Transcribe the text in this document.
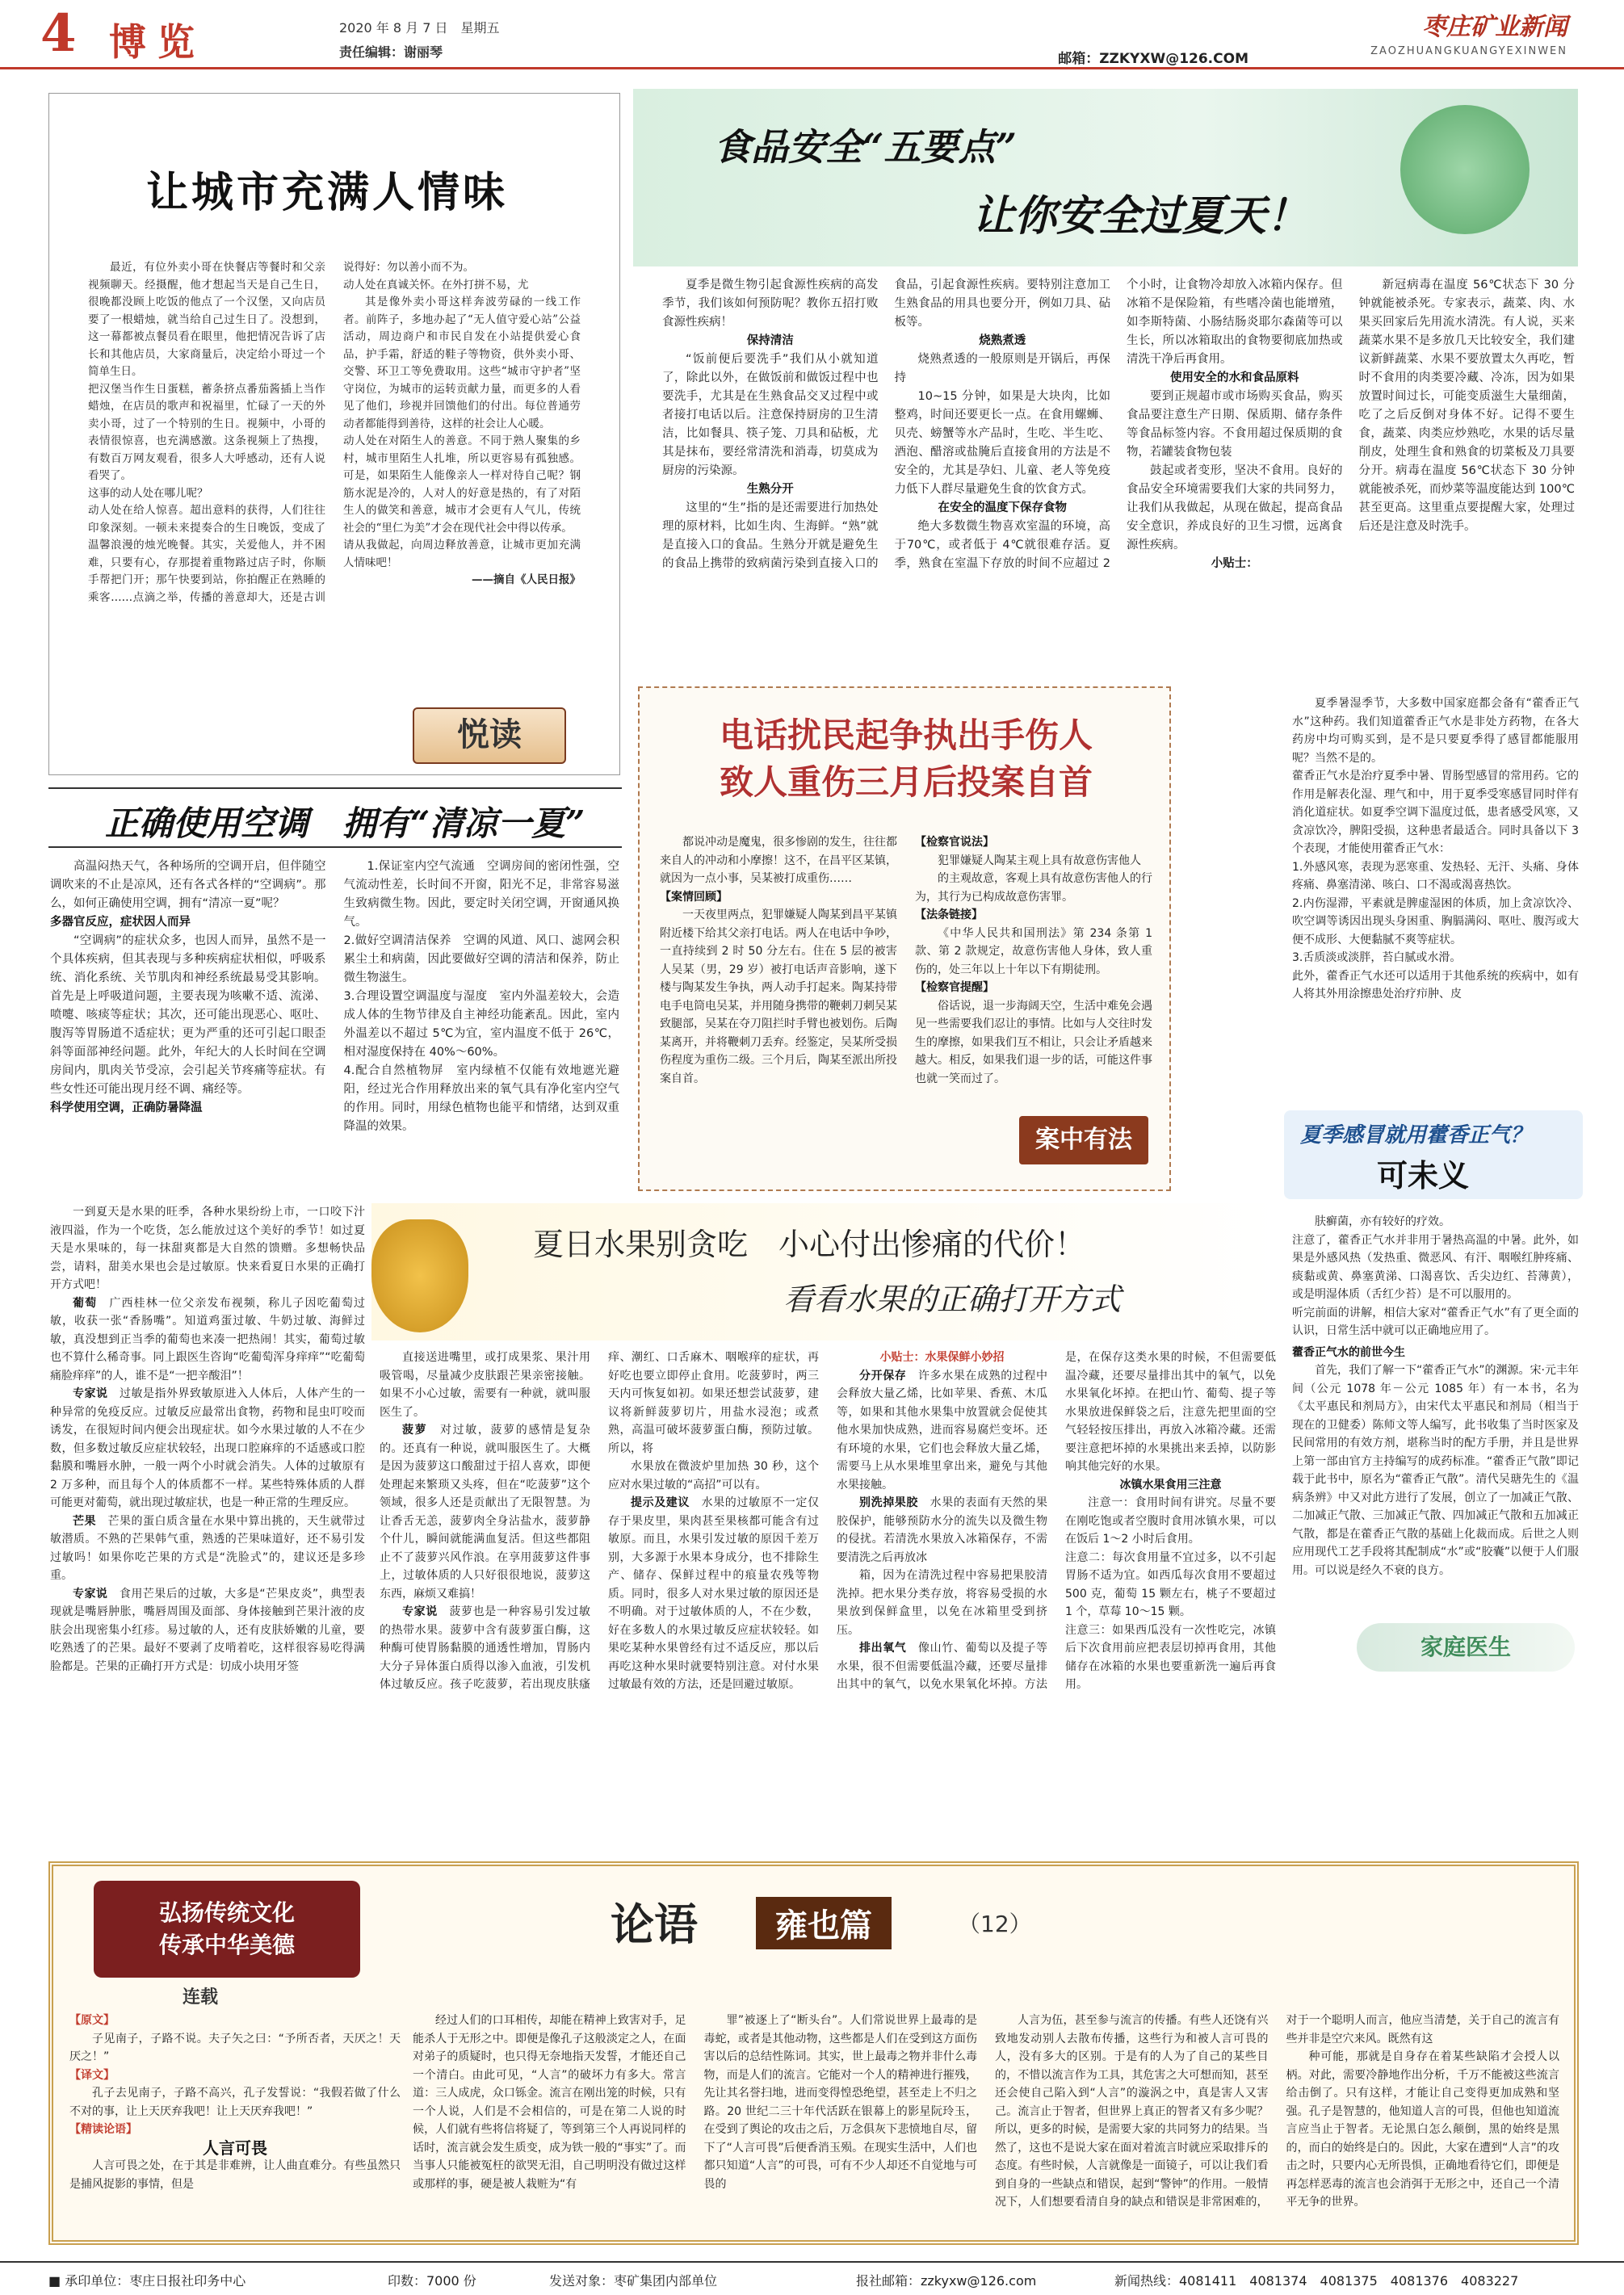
4 博览	2020 年 8 月 7 日　星期五
责任编辑：谢丽琴	邮箱：ZZKYXW@126.COM
枣庄矿业新闻
ZAOZHUANGKUANGYEXINWEN
让城市充满人情味
最近，有位外卖小哥在快餐店等餐时和父亲视频聊天。经摄醒，他才想起当天是自己生日，很晚都没顾上吃饭的他点了一个汉堡，又向店员要了一根蜡烛，就当给自己过生日了。没想到，这一幕都被点餐员看在眼里，他把情况告诉了店长和其他店员，大家商量后，决定给小哥过一个简单生日。
把汉堡当作生日蛋糕，蓄条挤点番茄酱插上当作蜡烛，在店员的歌声和祝福里，忙碌了一天的外卖小哥，过了一个特别的生日。视频中，小哥的表情很惊喜，也充满感激。这条视频上了热搜，有数百万网友观看，很多人大呼感动，还有人说看哭了。
这事的动人处在哪儿呢？
动人处在给人惊喜。超出意料的获得，人们往往印象深刻。一顿未来提奏合的生日晚饭，变成了温馨浪漫的烛光晚餐。其实，关爱他人，并不困难，只要有心，存那提着重物路过店子时，你顺手帮把门开；那午快要到站，你拍醒正在熟睡的乘客……点滴之举，传播的善意却大，还是古训说得好：勿以善小而不为。
动人处在真诚关怀。在外打拼不易，尤
其是像外卖小哥这样奔波劳碌的一线工作者。前阵子，多地办起了“无人值守爱心站”公益活动，周边商户和市民自发在小站提供爱心食品，护手霜，舒适的鞋子等物资，供外卖小哥、交警、环卫工等免费取用。这些“城市守护者”坚守岗位，为城市的运转贡献力量，而更多的人看见了他们，珍视并回馈他们的付出。每位普通劳动者都能得到善待，这样的社会让人心暖。
动人处在对陌生人的善意。不同于熟人聚集的乡村，城市里陌生人扎堆，所以更容易有孤独感。可是，如果陌生人能像亲人一样对待自己呢？钢筋水泥是冷的，人对人的好意是热的，有了对陌生人的做笑和善意，城市才会更有人气儿，传统社会的“里仁为美”才会在现代社会中得以传承。
请从我做起，向周边释放善意，让城市更加充满人情味吧！
——摘自《人民日报》
悦读
食品安全“五要点”
让你安全过夏天！

夏季是微生物引起食源性疾病的高发季节，我们该如何预防呢？教你五招打败食源性疾病！

保持清洁

“饭前便后要洗手”我们从小就知道了，除此以外，在做饭前和做饭过程中也要洗手，尤其是在生熟食品交叉过程中或者接打电话以后。注意保持厨房的卫生清洁，比如餐具、筷子笼、刀具和砧板，尤其是抹布，要经常清洗和消毒，切莫成为厨房的污染源。

生熟分开

这里的“生”指的是还需要进行加热处理的原材料，比如生肉、生海鲜。“熟”就是直接入口的食品。生熟分开就是避免生的食品上携带的致病菌污染到直接入口的食品，引起食源性疾病。要特别注意加工生熟食品的用具也要分开，例如刀具、砧板等。

烧熟煮透

烧熟煮透的一般原则是开锅后，再保持

10~15 分钟，如果是大块肉，比如整鸡，时间还要更长一点。在食用螺蛳、贝壳、螃蟹等水产品时，生吃、半生吃、酒泡、醋溶或盐腌后直接食用的方法是不安全的，尤其是孕妇、儿童、老人等免疫力低下人群尽量避免生食的饮食方式。

在安全的温度下保存食物

绝大多数微生物喜欢室温的环境，高于70℃，或者低于 4℃就很难存活。夏季，熟食在室温下存放的时间不应超过 2 个小时，让食物冷却放入冰箱内保存。但冰箱不是保险箱，有些嗜冷菌也能增殖，如李斯特菌、小肠结肠炎耶尔森菌等可以生长，所以冰箱取出的食物要彻底加热或清洗干净后再食用。

使用安全的水和食品原料

要到正规超市或市场购买食品，购买食品要注意生产日期、保质期、储存条件等食品标签内容。不食用超过保质期的食物，若罐装食物包装

鼓起或者变形，坚决不食用。良好的食品安全环境需要我们大家的共同努力，让我们从我做起，从现在做起，提高食品安全意识，养成良好的卫生习惯，远离食源性疾病。

小贴士：

新冠病毒在温度 56℃状态下 30 分钟就能被杀死。专家表示，蔬菜、肉、水果买回家后先用流水清洗。有人说，买来蔬菜水果不是多放几天比较安全，我们建议新鲜蔬菜、水果不要放置太久再吃，暂时不食用的肉类要冷藏、冷冻，因为如果放置时间过长，可能变质滋生大量细菌，吃了之后反倒对身体不好。记得不要生食，蔬菜、肉类应炒熟吃，水果的话尽量削皮，处理生食和熟食的切菜板及刀具要分开。病毒在温度 56℃状态下 30 分钟就能被杀死，而炒菜等温度能达到 100℃甚至更高。这里重点要提醒大家，处理过后还是注意及时洗手。

正确使用空调　拥有“清凉一夏”

高温闷热天气，各种场所的空调开启，但伴随空调吹来的不止是凉风，还有各式各样的“空调病”。那么，如何正确使用空调，拥有“清凉一夏”呢？

多器官反应，症状因人而异

“空调病”的症状众多，也因人而异，虽然不是一个具体疾病，但其表现与多种疾病症状相似，呼吸系统、消化系统、关节肌肉和神经系统最易受其影响。首先是上呼吸道问题，主要表现为咳嗽不适、流涕、喷嚏、咳痰等症状；其次，还可能出现恶心、呕吐、腹泻等胃肠道不适症状；更为严重的还可引起口眼歪斜等面部神经问题。此外，年纪大的人长时间在空调房间内，肌肉关节受凉，会引起关节疼痛等症状。有些女性还可能出现月经不调、痛经等。

科学使用空调，正确防暑降温
1.保证室内空气流通　空调房间的密闭性强，空气流动性差，长时间不开窗，阳光不足，非常容易滋生致病微生物。因此，要定时关闭空调，开窗通风换气。
2.做好空调清洁保养　空调的风道、风口、滤网会积累尘土和病菌，因此要做好空调的清洁和保养，防止微生物滋生。
3.合理设置空调温度与湿度　室内外温差较大，会造成人体的生物节律及自主神经功能紊乱。因此，室内外温差以不超过 5℃为宜，室内温度不低于 26℃，相对湿度保持在 40%～60%。
4.配合自然植物屏　室内绿植不仅能有效地遮光避阳，经过光合作用释放出来的氧气具有净化室内空气的作用。同时，用绿色植物也能平和情绪，达到双重降温的效果。
电话扰民起争执出手伤人
致人重伤三月后投案自首

都说冲动是魔鬼，很多惨剧的发生，往往都来自人的冲动和小摩擦！这不，在昌平区某镇，就因为一点小事，吴某被打成重伤……

【案情回顾】

一天夜里两点，犯罪嫌疑人陶某到昌平某镇附近楼下给其父亲打电话。两人在电话中争吵，一直持续到 2 时 50 分左右。住在 5 层的被害人吴某（男，29 岁）被打电话声音影响，遂下楼与陶某发生争执，两人动手打起来。陶某持带电手电筒电吴某，并用随身携带的鞭刺刀刺吴某致腿部，吴某在夺刀阻拦时手臂也被划伤。后陶某离开，并将鞭刺刀丢弃。经鉴定，吴某所受损伤程度为重伤二级。三个月后，陶某至派出所投案自首。

【检察官说法】

犯罪嫌疑人陶某主观上具有故意伤害他人

的主观故意，客观上具有故意伤害他人的行为，其行为已构成故意伤害罪。

【法条链接】

《中华人民共和国刑法》第 234 条第 1 款、第 2 款规定，故意伤害他人身体，致人重伤的，处三年以上十年以下有期徒刑。

【检察官提醒】

俗话说，退一步海阔天空，生活中难免会遇见一些需要我们忍让的事情。比如与人交往时发生的摩擦，如果我们互不相让，只会让矛盾越来越大。相反，如果我们退一步的话，可能这件事也就一笑而过了。

案中有法
夏季暑湿季节，大多数中国家庭都会备有“藿香正气水”这种药。我们知道藿香正气水是非处方药物，在各大药房中均可购买到，是不是只要夏季得了感冒都能服用呢？当然不是的。
藿香正气水是治疗夏季中暑、胃肠型感冒的常用药。它的作用是解表化湿、理气和中，用于夏季受寒感冒同时伴有消化道症状。如夏季空调下温度过低，患者感受风寒，又贪凉饮冷，脾阳受损，这种患者最适合。同时具备以下 3 个表现，才能使用藿香正气水：
1.外感风寒，表现为恶寒重、发热轻、无汗、头痛、身体疼痛、鼻塞清涕、咳白、口不渴或渴喜热饮。
2.内伤湿滞，平素就是脾虚湿困的体质，加上贪凉饮冷、吹空调等诱因出现头身困重、胸膈满闷、呕吐、腹泻或大便不成形、大便黏腻不爽等症状。
3.舌质淡或淡胖，苔白腻或水滑。
此外，藿香正气水还可以适用于其他系统的疾病中，如有人将其外用涂擦患处治疗疖肿、皮
夏季感冒就用藿香正气？
可未义
肤癣菌，亦有较好的疗效。
注意了，藿香正气水并非用于暑热高温的中暑。此外，如果是外感风热（发热重、微恶风、有汗、咽喉红肿疼痛、痰黏或黄、鼻塞黄涕、口渴喜饮、舌尖边红、苔薄黄），或是明湿体质（舌红少苔）是不可以服用的。
听完前面的讲解，相信大家对“藿香正气水”有了更全面的认识，日常生活中就可以正确地应用了。
藿香正气水的前世今生

首先，我们了解一下“藿香正气水”的渊源。宋·元丰年间（公元 1078 年－公元 1085 年）有一本书，名为《太平惠民和剂局方》，由宋代太平惠民和剂局（相当于现在的卫健委）陈师文等人编写，此书收集了当时医家及民间常用的有效方剂，堪称当时的配方手册，并且是世界上第一部由官方主持编写的成药标准。“藿香正气散”即记载于此书中，原名为“藿香正气散”。清代吴瑭先生的《温病条辨》中又对此方进行了发展，创立了一加减正气散、二加减正气散、三加减正气散、四加减正气散和五加减正气散，都是在藿香正气散的基础上化裁而成。后世之人则应用现代工艺手段将其配制成“水”或“胶囊”以便于人们服用。可以说是经久不衰的良方。

家庭医生
夏日水果别贪吃　小心付出惨痛的代价！
看看水果的正确打开方式

一到夏天是水果的旺季，各种水果纷纷上市，一口咬下汁液四溢，作为一个吃货，怎么能放过这个美好的季节！如过夏天是水果味的，每一抹甜爽都是大自然的馈赠。多想畅快品尝，请料，甜美水果也会是过敏原。快来看夏日水果的正确打开方式吧！

葡萄　 广西桂林一位父亲发布视频，称儿子因吃葡萄过敏，收获一张“香肠嘴”。知道鸡蛋过敏、牛奶过敏、海鲜过敏，真没想到正当季的葡萄也来凑一把热闹！其实，葡萄过敏也不算什么稀奇事。同上跟医生咨询“吃葡萄浑身痒痒”“吃葡萄痛脸痒痒”的人，谁不是“一把辛酸泪”！

专家说　 过敏是指外界致敏原进入人体后，人体产生的一种异常的免疫反应。过敏反应最常出食物，药物和昆虫叮咬而诱发，在很短时间内便会出现症状。如今水果过敏的人不在少数，但多数过敏反应症状较轻，出现口腔麻痒的不适感或口腔黏膜和嘴唇水肿，一般一两个小时就会消失。人体的过敏原有 2 万多种，而且每个人的体质都不一样。某些特殊体质的人群可能更对葡萄，就出现过敏症状，也是一种正常的生理反应。

芒果　 芒果的蛋白质含量在水果中算出挑的，天生就带过敏潜质。不熟的芒果韩气重，熟透的芒果味道好，还不易引发过敏吗！如果你吃芒果的方式是“洗脸式”的，建议还是多珍重。

专家说　 食用芒果后的过敏，大多是“芒果皮炎”，典型表现就是嘴唇肿胀，嘴唇周围及面部、身体接触到芒果汁液的皮肤会出现密集小红疹。易过敏的人，还有皮肤娇嫩的儿童，要吃熟透了的芒果。最好不要剥了皮啃着吃，这样很容易吃得满脸都是。芒果的正确打开方式是：切成小块用牙签

直接送进嘴里，或打成果浆、果汁用吸管喝，尽量减少皮肤跟芒果亲密接触。如果不小心过敏，需要有一种就，就叫服医生了。

菠萝　 对过敏，菠萝的感情是复杂的。还真有一种说，就叫服医生了。大概是因为菠萝这口酸甜过于招人喜欢，即便处理起来繁琐又头疼，但在“吃菠萝”这个领域，很多人还是贡献出了无限智慧。为让香舌无恙，菠萝肉全身沾盐水，菠萝静个什儿，瞬间就能满血复活。但这些都阻止不了菠萝兴风作浪。在享用菠萝这件事上，过敏体质的人只好很很地说，菠萝这东西，麻烦又难搞！

专家说　 菠萝也是一种容易引发过敏的热带水果。菠萝中含有菠萝蛋白酶，这种酶可使胃肠黏膜的通透性增加，胃肠内大分子异体蛋白质得以渗入血液，引发机体过敏反应。孩子吃菠萝，若出现皮肤瘙痒、潮红、口舌麻木、咽喉痒的症状，再好吃也要立即停止食用。吃菠萝时，两三天内可恢复如初。如果还想尝试菠萝，建议将新鲜菠萝切片，用盐水浸泡；或煮熟，高温可破坏菠萝蛋白酶，预防过敏。所以，将

水果放在微波炉里加热 30 秒，这个应对水果过敏的“高招”可以有。

提示及建议　 水果的过敏原不一定仅存于果皮里，果肉甚至果核都可能含有过敏原。而且，水果引发过敏的原因千差万别，大多源于水果本身成分，也不排除生产、储存、保鲜过程中的痕量农残等物质。同时，很多人对水果过敏的原因还是不明确。对于过敏体质的人，不在少数，好在多数人的水果过敏反应症状较轻。如果吃某种水果曾经有过不适反应，那以后再吃这种水果时就要特别注意。对付水果过敏最有效的方法，还是回避过敏原。

小贴士：水果保鲜小妙招

分开保存　 许多水果在成熟的过程中会释放大量乙烯，比如苹果、香蕉、木瓜等，如果和其他水果集中放置就会促使其他水果加快成熟，进而容易腐烂变坏。还有环境的水果，它们也会释放大量乙烯，需要马上从水果堆里拿出来，避免与其他水果接触。

别洗掉果胶　 水果的表面有天然的果胶保护，能够预防水分的流失以及微生物的侵扰。若清洗水果放入冰箱保存，不需要清洗之后再放冰

箱，因为在清洗过程中容易把果胶清洗掉。把水果分类存放，将容易受损的水果放到保鲜盒里，以免在冰箱里受到挤压。

排出氧气　 像山竹、葡萄以及提子等水果，很不但需要低温冷藏，还要尽量排出其中的氧气，以免水果氧化坏掉。方法是，在保存这类水果的时候，不但需要低温冷藏，还要尽量排出其中的氧气，以免水果氧化坏掉。在把山竹、葡萄、提子等水果放进保鲜袋之后，注意先把里面的空气轻轻按压排出，再放入冰箱冷藏。还需要注意把坏掉的水果挑出来丢掉，以防影响其他完好的水果。

冰镇水果食用三注意
注意一：食用时间有讲究。尽量不要在刚吃饱或者空腹时食用冰镇水果，可以在饭后 1～2 小时后食用。
注意二：每次食用量不宜过多，以不引起胃肠不适为宜。如西瓜每次食用不要超过 500 克，葡萄 15 颗左右，桃子不要超过 1 个，草莓 10～15 颗。
注意三：如果西瓜没有一次性吃完，冰镇后下次食用前应把表层切掉再食用，其他储存在冰箱的水果也要重新洗一遍后再食用。
弘扬传统文化
传承中华美德
连载
论语	雍也篇	（12）
【原文】

子见南子，子路不说。夫子矢之曰：“予所否者，天厌之！天厌之！”

【译文】

孔子去见南子，子路不高兴，孔子发誓说：“我假若做了什么不对的事，让上天厌弃我吧！让上天厌弃我吧！”

【精读论语】
人言可畏

人言可畏之处，在于其是非难辨，让人曲直难分。有些虽然只是捕风捉影的事情，但是

经过人们的口耳相传，却能在精神上致害对手，足能杀人于无形之中。即便是像孔子这般淡定之人，在面对弟子的质疑时，也只得无奈地指天发誓，才能还自己一个清白。由此可见，“人言”的破坏力有多大。常言道：三人成虎，众口铄金。流言在刚出笼的时候，只有一个人说，人们是不会相信的，可是在第二人说的时候，人们就有些将信将疑了，等到第三个人再说同样的话时，流言就会发生质变，成为铁一般的“事实”了。而当事人只能被冤枉的欲哭无泪，自己明明没有做过这样或那样的事，硬是被人栽赃为“有

罪”被逐上了“断头台”。人们常说世界上最毒的是毒蛇，或者是其他动物，这些都是人们在受到这方面伤害以后的总结性陈词。其实，世上最毒之物并非什么毒物，而是人们的流言。它能对一个人的精神进行摧残，先让其名誉扫地，进而变得惶恐绝望，甚至走上不归之路。20 世纪二三十年代活跃在银幕上的影星阮玲玉，在受到了舆论的攻击之后，万念俱灰下悲愤地自尽，留下了“人言可畏”后便香消玉殒。在现实生活中，人们也都只知道“人言”的可畏，可有不少人却还不自觉地与可畏的

人言为伍，甚至参与流言的传播。有些人还饶有兴致地发动别人去散布传播，这些行为和被人言可畏的人，没有多大的区别。于是有的人为了自己的某些目的，不惜以流言作为工具，其危害之大可想而知，甚至还会使自己陷入到“人言”的漩涡之中，真是害人又害己。流言止于智者，但世界上真正的智者又有多少呢？所以，更多的时候，是需要大家的共同努力的结果。当然了，这也不是说大家在面对着流言时就应采取排斥的态度。有些时候，人言就像是一面镜子，可以让我们看到自身的一些缺点和错误，起到“警钟”的作用。一般情况下，人们想要看清自身的缺点和错误是非常困难的，对于一个聪明人而言，他应当清楚，关于自己的流言有些并非是空穴来风。既然有这

种可能，那就是自身存在着某些缺陷才会授人以柄。对此，需要冷静地作出分析，千万不能被这些流言给击倒了。只有这样，才能让自己变得更加成熟和坚强。孔子是智慧的，他知道人言的可畏，但他也知道流言应当止于智者。无论黑白怎么颠倒，黑的始终是黑的，而白的始终是白的。因此，大家在遭到“人言”的攻击之时，只要内心无所畏惧，正确地看待它们，即便是再怎样恶毒的流言也会消弭于无形之中，还自己一个清平无争的世界。

■ 承印单位：枣庄日报社印务中心	印数：7000 份	发送对象：枣矿集团内部单位	报社邮箱：zzkyxw@126.com	新闻热线：4081411　4081374　4081375　4081376　4083227
